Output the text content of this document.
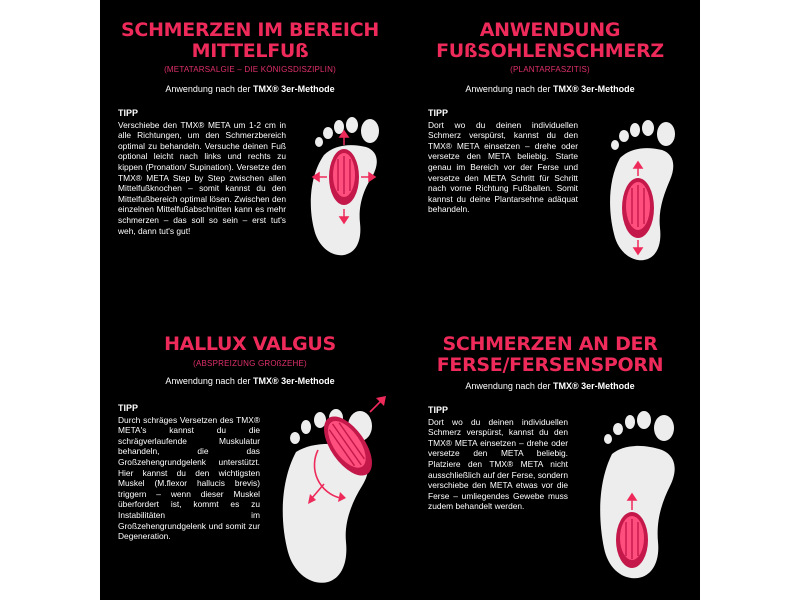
SCHMERZEN IM BEREICH MITTELFUß
(METATARSALGIE – DIE KÖNIGSDISZIPLIN)
Anwendung nach der TMX® 3er-Methode

TIPP
Verschiebe den TMX® META um 1-2 cm in alle Richtungen, um den Schmerzbereich optimal zu behandeln. Versuche deinen Fuß optional leicht nach links und rechts zu kippen (Pronation/ Supination). Versetze den TMX® META Step by Step zwischen allen Mittelfußknochen – somit kannst du den Mittelfußbereich optimal lösen. Zwischen den einzelnen Mittelfußabschnitten kann es mehr schmerzen – das soll so sein – erst tut's weh, dann tut's gut!

ANWENDUNG FUßSOHLENSCHMERZ
(PLANTARFASZITIS)
Anwendung nach der TMX® 3er-Methode

TIPP
Dort wo du deinen individuellen Schmerz verspürst, kannst du den TMX® META einsetzen – drehe oder versetze den META beliebig. Starte genau im Bereich vor der Ferse und versetze den META Schritt für Schritt nach vorne Richtung Fußballen. Somit kannst du deine Plantarsehne adäquat behandeln.

HALLUX VALGUS
(ABSPREIZUNG GROßZEHE)
Anwendung nach der TMX® 3er-Methode

TIPP
Durch schräges Versetzen des TMX® META's kannst du die schrägverlaufende Muskulatur behandeln, die das Großzehengrundgelenk unterstützt. Hier kannst du den wichtigsten Muskel (M.flexor hallucis brevis) triggern – wenn dieser Muskel überfordert ist, kommt es zu Instabilitäten im Großzehengrundgelenk und somit zur Degeneration.

SCHMERZEN AN DER FERSE/FERSENSPORN
Anwendung nach der TMX® 3er-Methode

TIPP
Dort wo du deinen individuellen Schmerz verspürst, kannst du den TMX® META einsetzen – drehe oder versetze den META beliebig. Platziere den TMX® META nicht ausschließlich auf der Ferse, sondern verschiebe den META etwas vor die Ferse – umliegendes Gewebe muss zudem behandelt werden.
